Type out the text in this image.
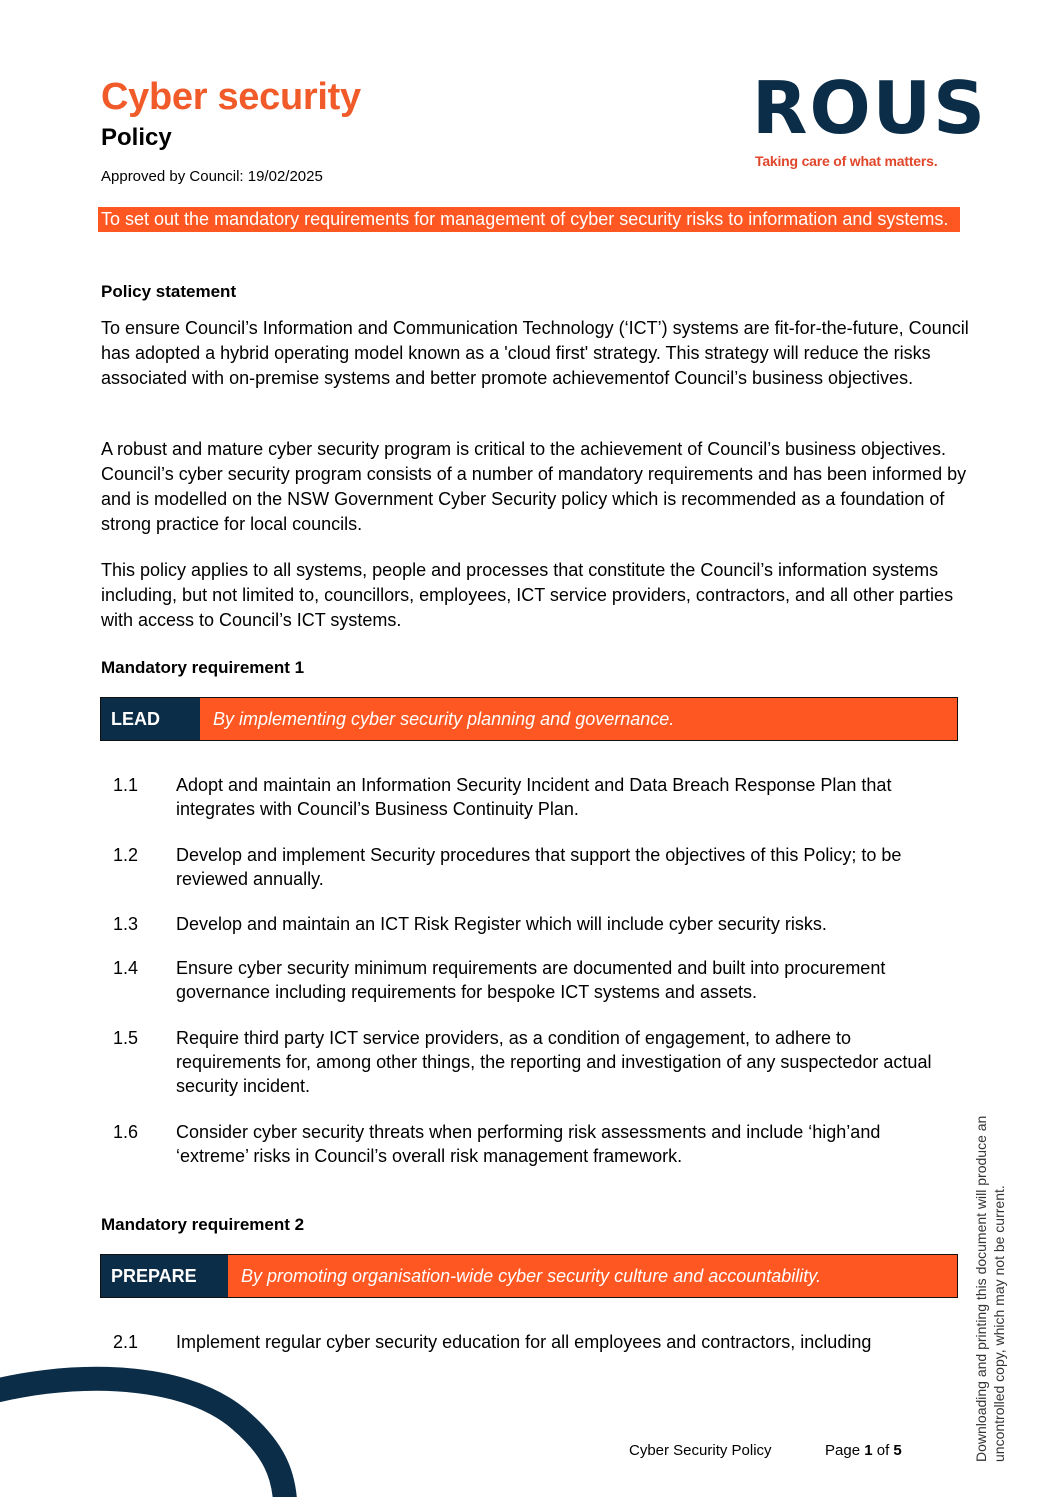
Cyber security
Policy
Approved by Council: 19/02/2025
ROUS
Taking care of what matters.
To set out the mandatory requirements for management of cyber security risks to information and systems.
Policy statement
To ensure Council’s Information and Communication Technology (‘ICT’) systems are fit-for-the-future, Council has adopted a hybrid operating model known as a 'cloud first' strategy. This strategy will reduce the risks associated with on-premise systems and better promote achievementof Council’s business objectives.
A robust and mature cyber security program is critical to the achievement of Council’s business objectives. Council’s cyber security program consists of a number of mandatory requirements and has been informed by and is modelled on the NSW Government Cyber Security policy which is recommended as a foundation of strong practice for local councils.
This policy applies to all systems, people and processes that constitute the Council’s information systems including, but not limited to, councillors, employees, ICT service providers, contractors, and all other parties with access to Council’s ICT systems.
Mandatory requirement 1
LEAD	By implementing cyber security planning and governance.
1.1	Adopt and maintain an Information Security Incident and Data Breach Response Plan that integrates with Council’s Business Continuity Plan.
1.2	Develop and implement Security procedures that support the objectives of this Policy; to be reviewed annually.
1.3	Develop and maintain an ICT Risk Register which will include cyber security risks.
1.4	Ensure cyber security minimum requirements are documented and built into procurement governance including requirements for bespoke ICT systems and assets.
1.5	Require third party ICT service providers, as a condition of engagement, to adhere to requirements for, among other things, the reporting and investigation of any suspectedor actual security incident.
1.6	Consider cyber security threats when performing risk assessments and include ‘high’and ‘extreme’ risks in Council’s overall risk management framework.
Mandatory requirement 2
PREPARE	By promoting organisation-wide cyber security culture and accountability.
2.1	Implement regular cyber security education for all employees and contractors, including	Downloading and printing this document will produce an uncontrolled copy, which may not be current.
Cyber Security Policy	Page 1 of 5
